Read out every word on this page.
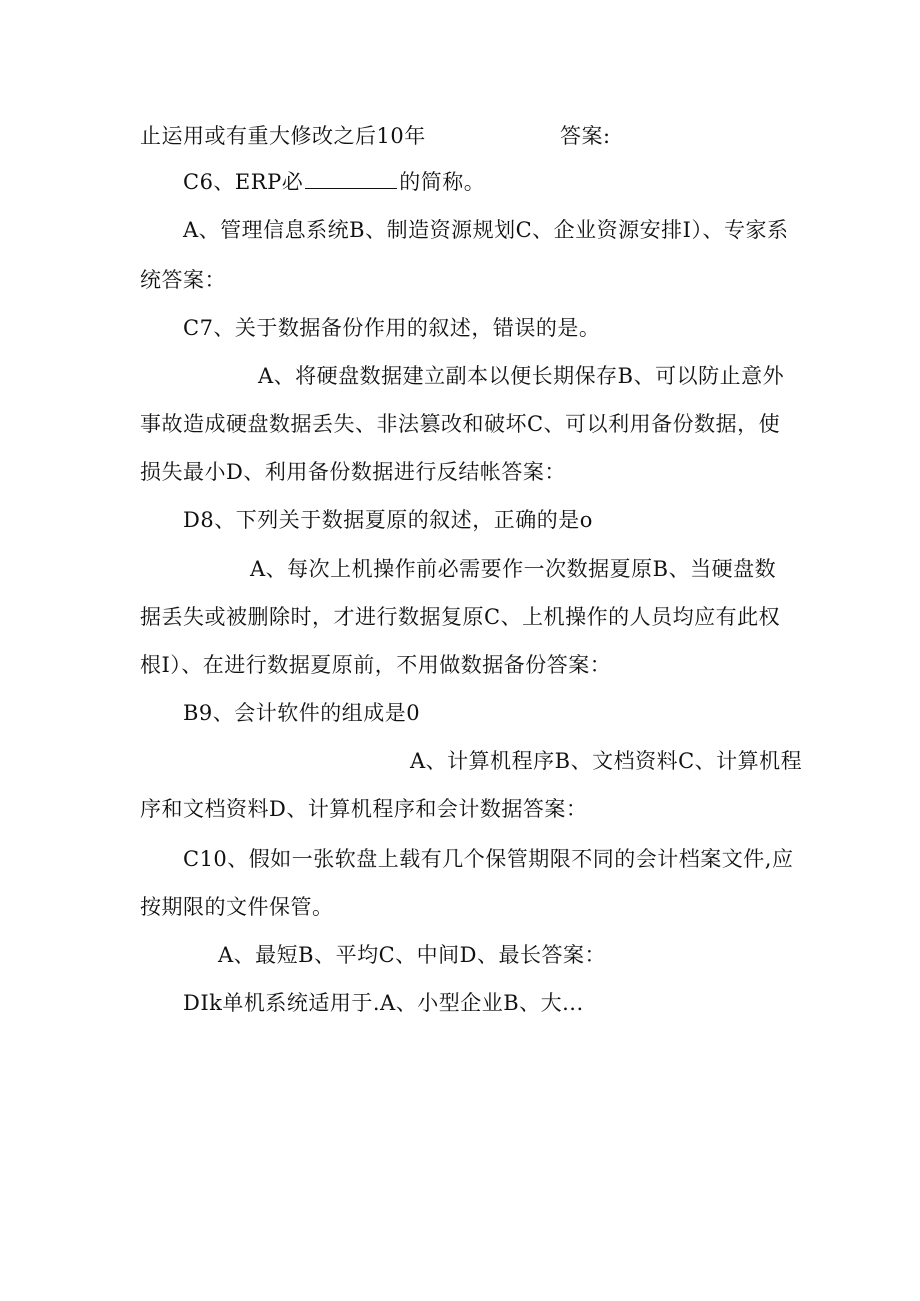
止运用或有重大修改之后10年	答案:
C6、ERP必	的简称。
A、管理信息系统B、制造资源规划C、企业资源安排I）、专家系
统答案：
C7、关于数据备份作用的叙述，错误的是。
A、将硬盘数据建立副本以便长期保存B、可以防止意外
事故造成硬盘数据丢失、非法篡改和破坏C、可以利用备份数据，使
损失最小D、利用备份数据进行反结帐答案：
D8、下列关于数据夏原的叙述，正确的是o
A、每次上机操作前必需要作一次数据夏原B、当硬盘数
据丢失或被删除时，才进行数据复原C、上机操作的人员均应有此权
根I）、在进行数据夏原前，不用做数据备份答案：
B9、会计软件的组成是0
A、计算机程序B、文档资料C、计算机程
序和文档资料D、计算机程序和会计数据答案：
C10、假如一张软盘上载有几个保管期限不同的会计档案文件,应
按期限的文件保管。
A、最短B、平均C、中间D、最长答案：
DIk单机系统适用于.A、小型企业B、大...
